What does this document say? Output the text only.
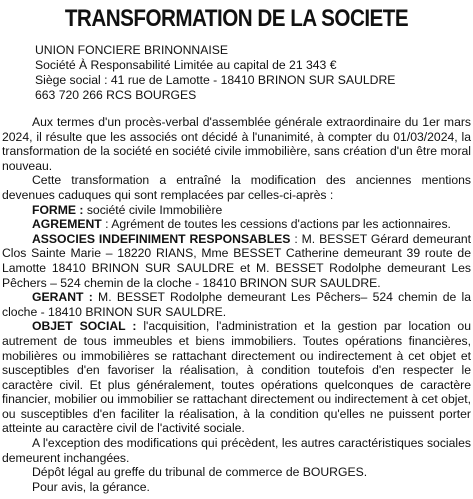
TRANSFORMATION DE LA SOCIETE
UNION FONCIERE BRINONNAISE
Société À Responsabilité Limitée au capital de 21 343 €
Siège social : 41 rue de Lamotte - 18410 BRINON SUR SAULDRE
663 720 266 RCS BOURGES

Aux termes d'un procès-verbal d'assemblée générale extraordinaire du 1er mars 2024, il résulte que les associés ont décidé à l'unanimité, à compter du 01/03/2024, la transformation de la société en société civile immobilière, sans création d'un être moral nouveau.

Cette transformation a entraîné la modification des anciennes mentions devenues caduques qui sont remplacées par celles-ci-après :

FORME : société civile Immobilière

AGREMENT : Agrément de toutes les cessions d'actions par les actionnaires.

ASSOCIES INDEFINIMENT RESPONSABLES : M. BESSET Gérard demeurant Clos Sainte Marie – 18220 RIANS, Mme BESSET Catherine demeurant 39 route de Lamotte 18410 BRINON SUR SAULDRE et M. BESSET Rodolphe demeurant Les Pêchers – 524 chemin de la cloche - 18410 BRINON SUR SAULDRE.

GERANT : M. BESSET Rodolphe demeurant Les Pêchers– 524 chemin de la cloche - 18410 BRINON SUR SAULDRE.

OBJET SOCIAL : l'acquisition, l'administration et la gestion par location ou autrement de tous immeubles et biens immobiliers. Toutes opérations financières, mobilières ou immobilières se rattachant directement ou indirectement à cet objet et susceptibles d'en favoriser la réalisation, à condition toutefois d'en respecter le caractère civil. Et plus généralement, toutes opérations quelconques de caractère financier, mobilier ou immobilier se rattachant directement ou indirectement à cet objet, ou susceptibles d'en faciliter la réalisation, à la condition qu'elles ne puissent porter atteinte au caractère civil de l'activité sociale.

A l'exception des modifications qui précèdent, les autres caractéristiques sociales demeurent inchangées.

Dépôt légal au greffe du tribunal de commerce de BOURGES.

Pour avis, la gérance.
